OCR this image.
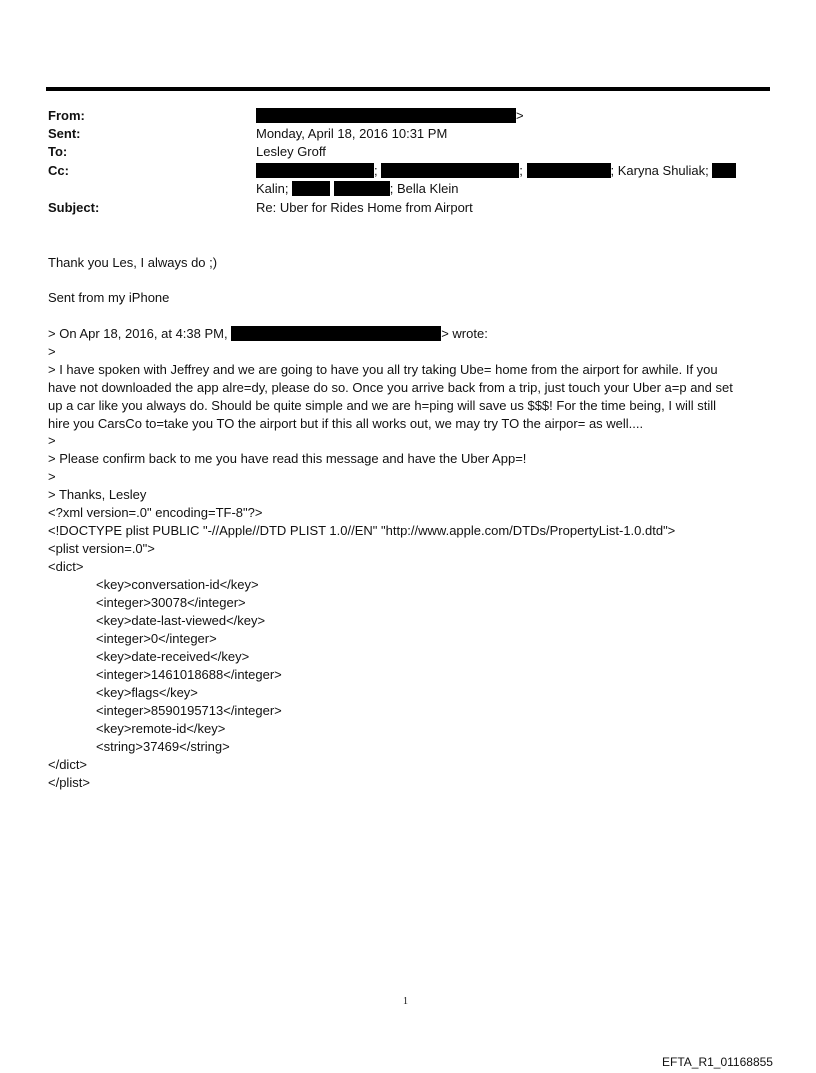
From:	>
Sent:	Monday, April 18, 2016 10:31 PM
To:	Lesley Groff
Cc:	;	;	; Karyna Shuliak;
Kalin;	; Bella Klein
Subject:	Re: Uber for Rides Home from Airport
Thank you Les, I always do ;)
Sent from my iPhone
> On Apr 18, 2016, at 4:38 PM,	> wrote:
>
> I have spoken with Jeffrey and we are going to have you all try taking Ube= home from the airport for awhile. If you
have not downloaded the app alre=dy, please do so. Once you arrive back from a trip, just touch your Uber a=p and set
up a car like you always do. Should be quite simple and we are h=ping will save us $$$! For the time being, I will still
hire you CarsCo to=take you TO the airport but if this all works out, we may try TO the airpor= as well....
>
> Please confirm back to me you have read this message and have the Uber App=!
>
> Thanks, Lesley
<?xml version=.0" encoding=TF-8"?>
<!DOCTYPE plist PUBLIC "-//Apple//DTD PLIST 1.0//EN" "http://www.apple.com/DTDs/PropertyList-1.0.dtd">
<plist version=.0">
<dict>
<key>conversation-id</key>
<integer>30078</integer>
<key>date-last-viewed</key>
<integer>0</integer>
<key>date-received</key>
<integer>1461018688</integer>
<key>flags</key>
<integer>8590195713</integer>
<key>remote-id</key>
<string>37469</string>
</dict>
</plist>
1
EFTA_R1_01168855
